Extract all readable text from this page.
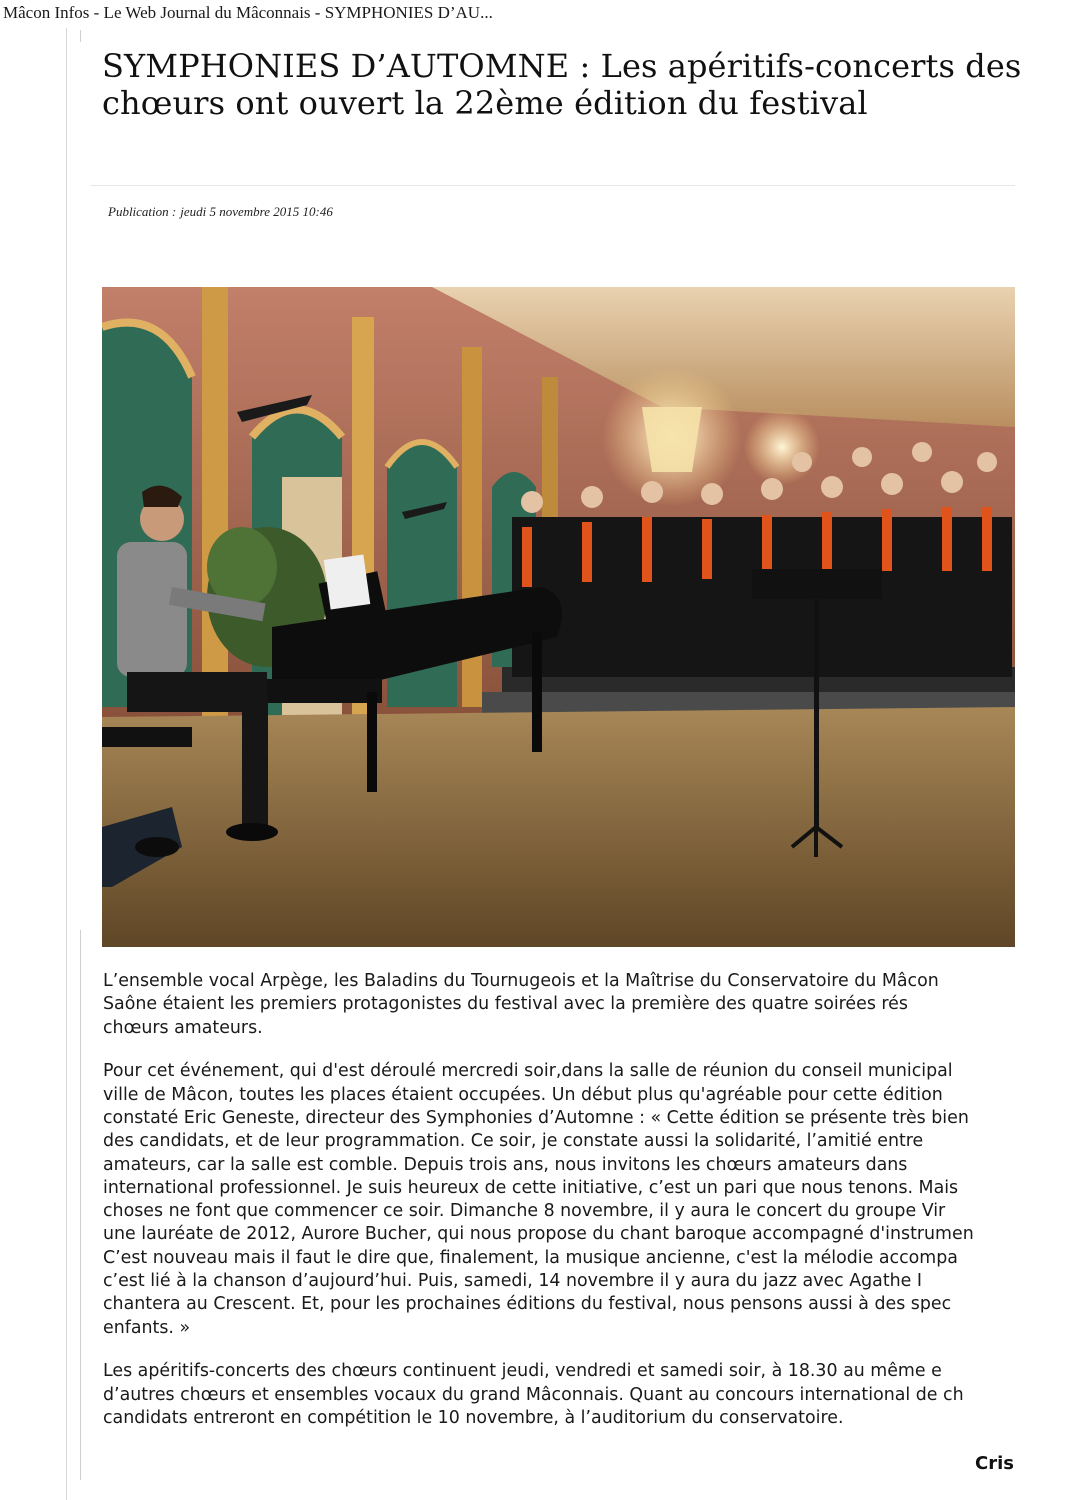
Mâcon Infos - Le Web Journal du Mâconnais - SYMPHONIES D’AU...
SYMPHONIES D’AUTOMNE : Les apéritifs-concerts des chœurs ont ouvert la 22ème édition du festival
Publication : jeudi 5 novembre 2015 10:46

L’ensemble vocal Arpège, les Baladins du Tournugeois et la Maîtrise du Conservatoire du Mâcon
Saône étaient les premiers protagonistes du festival avec la première des quatre soirées rés
chœurs amateurs.

Pour cet événement, qui d'est déroulé mercredi soir,dans la salle de réunion du conseil municipal
ville de Mâcon, toutes les places étaient occupées. Un début plus qu'agréable pour cette édition
constaté Eric Geneste, directeur des Symphonies d’Automne : « Cette édition se présente très bien
des candidats, et de leur programmation. Ce soir, je constate aussi la solidarité, l’amitié entre
amateurs, car la salle est comble. Depuis trois ans, nous invitons les chœurs amateurs dans
international professionnel. Je suis heureux de cette initiative, c’est un pari que nous tenons. Mais
choses ne font que commencer ce soir. Dimanche 8 novembre, il y aura le concert du groupe Vir
une lauréate de 2012, Aurore Bucher, qui nous propose du chant baroque accompagné d'instrumen
C’est nouveau mais il faut le dire que, finalement, la musique ancienne, c'est la mélodie accompa
c’est lié à la chanson d’aujourd’hui. Puis, samedi, 14 novembre il y aura du jazz avec Agathe I
chantera au Crescent. Et, pour les prochaines éditions du festival, nous pensons aussi à des spec
enfants. »

Les apéritifs-concerts des chœurs continuent jeudi, vendredi et samedi soir, à 18.30 au même e
d’autres chœurs et ensembles vocaux du grand Mâconnais. Quant au concours international de ch
candidats entreront en compétition le 10 novembre, à l’auditorium du conservatoire.

Cris
